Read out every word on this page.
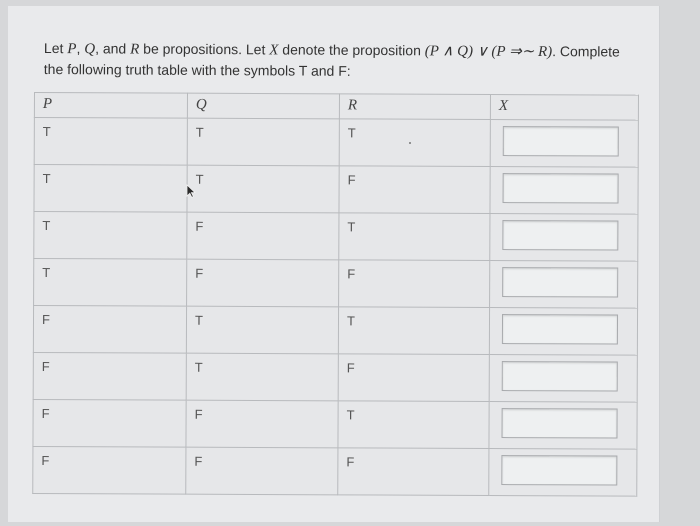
Let P, Q, and R be propositions. Let X denote the proposition (P ∧ Q) ∨ (P ⇒∼ R). Complete
the following truth table with the symbols T and F:
P	Q	R	X
T	T	T	

T	T	F	

T	F	T	

T	F	F	

F	T	T	

F	T	F	

F	F	T	

F	F	F	
